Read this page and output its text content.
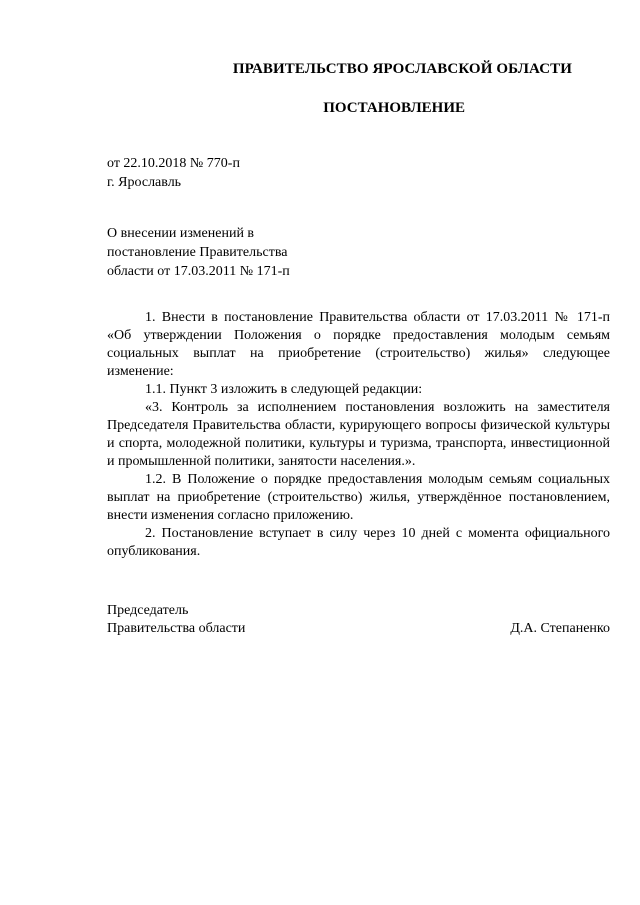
ПРАВИТЕЛЬСТВО ЯРОСЛАВСКОЙ ОБЛАСТИ
ПОСТАНОВЛЕНИЕ
от 22.10.2018 № 770-п
г. Ярославль
О внесении изменений в
постановление Правительства
области от 17.03.2011 № 171-п

1. Внести в постановление Правительства области от 17.03.2011 № 171-п «Об утверждении Положения о порядке предоставления молодым семьям социальных выплат на приобретение (строительство) жилья» следующее изменение:

1.1. Пункт 3 изложить в следующей редакции:

«3. Контроль за исполнением постановления возложить на заместителя Председателя Правительства области, курирующего вопросы физической культуры и спорта, молодежной политики, культуры и туризма, транспорта, инвестиционной и промышленной политики, занятости населения.».

1.2. В Положение о порядке предоставления молодым семьям социальных выплат на приобретение (строительство) жилья, утверждённое постановлением, внести изменения согласно приложению.

2. Постановление вступает в силу через 10 дней с момента официального опубликования.

Председатель
Правительства области	Д.А. Степаненко
